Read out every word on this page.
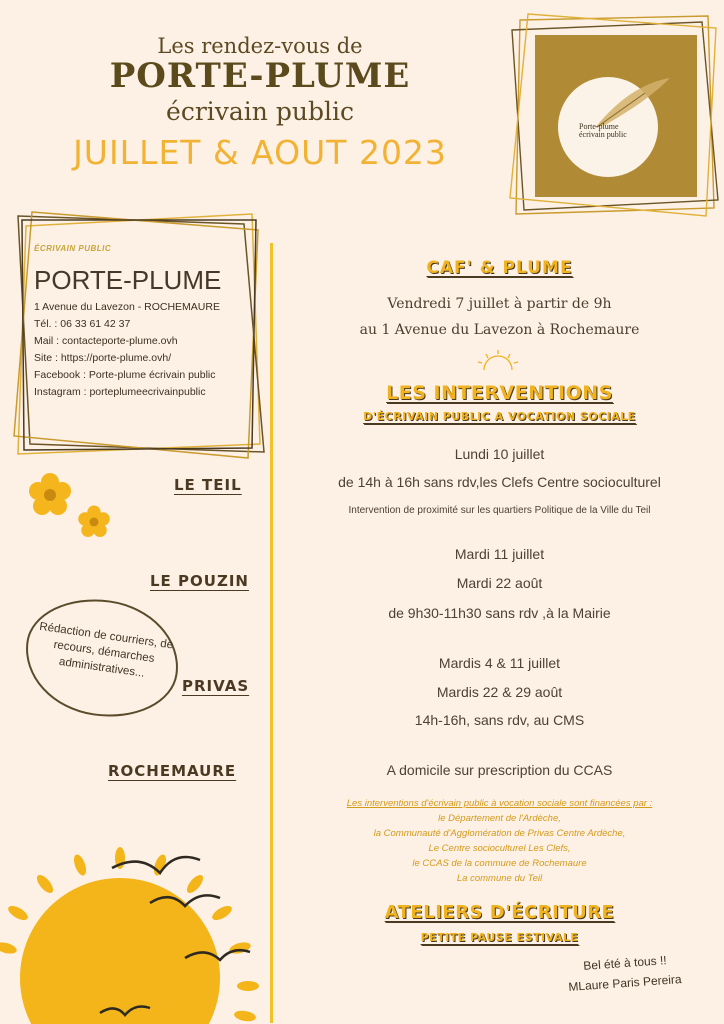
Les rendez-vous de
PORTE-PLUME
écrivain public
JUILLET & AOUT 2023
Porte-plume
écrivain public
ÉCRIVAIN PUBLIC
PORTE-PLUME
1 Avenue du Lavezon - ROCHEMAURE
Tél. : 06 33 61 42 37
Mail : contacteporte-plume.ovh
Site : https://porte-plume.ovh/
Facebook : Porte-plume écrivain public
Instagram : porteplumeecrivainpublic
LE TEIL
LE POUZIN
PRIVAS
ROCHEMAURE
Rédaction de courriers, de recours, démarches administratives...
CAF' & PLUME
Vendredi 7 juillet à partir de 9h
au 1 Avenue du Lavezon à Rochemaure
LES INTERVENTIONS
D'ÉCRIVAIN PUBLIC A VOCATION SOCIALE
Lundi 10 juillet
de 14h à 16h sans rdv,les Clefs Centre socioculturel
Intervention de proximité sur les quartiers Politique de la Ville du Teil
Mardi 11 juillet
Mardi 22 août
de 9h30-11h30 sans rdv ,à la Mairie
Mardis 4 & 11 juillet
Mardis 22 & 29 août
14h-16h, sans rdv, au CMS
A domicile sur prescription du CCAS
Les interventions d'écrivain public à vocation sociale sont financées par :
le Département de l'Ardèche,
la Communauté d'Agglomération de Privas Centre Ardèche,
Le Centre socioculturel Les Clefs,
le CCAS de la commune de Rochemaure
La commune du Teil
ATELIERS D'ÉCRITURE
PETITE PAUSE ESTIVALE
Bel été à tous !!
MLaure Paris Pereira
